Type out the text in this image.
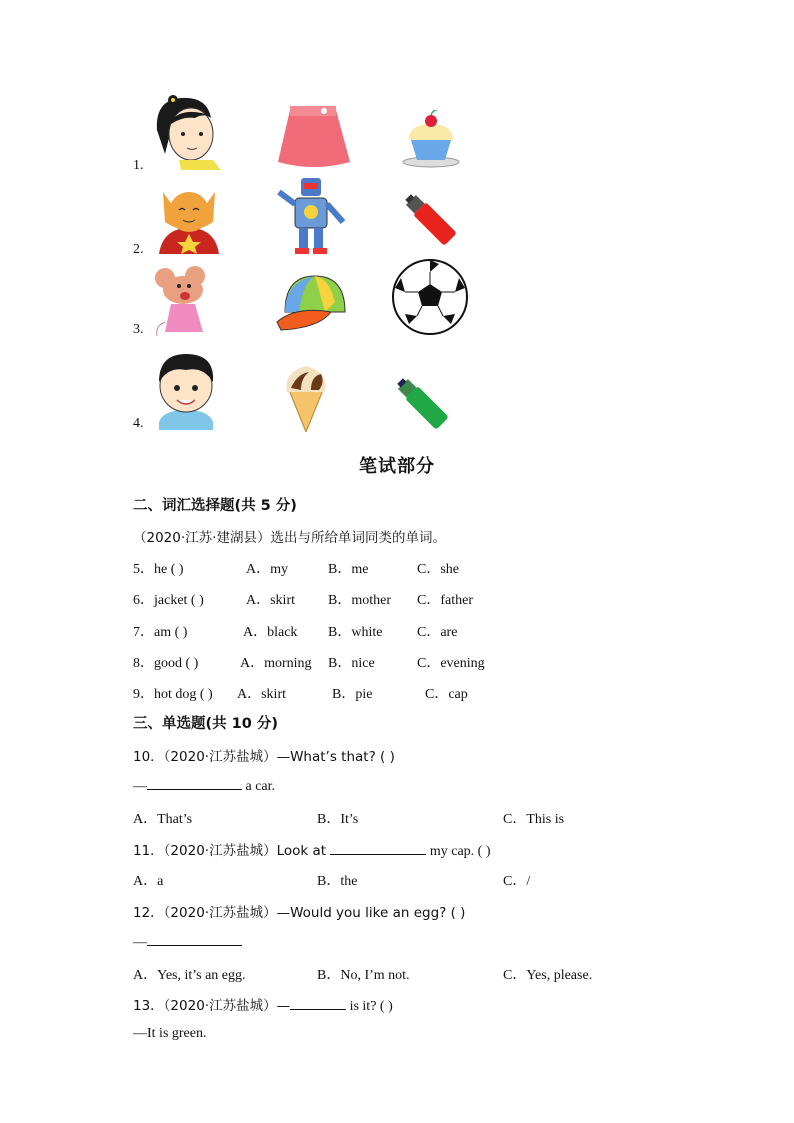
1.
2.
3.
4.
笔试部分
二、词汇选择题(共 5 分)
（2020·江苏·建湖县）选出与所给单词同类的单词。
5．he ( )	A．my	B．me	C．she
6．jacket ( )	A．skirt B．mother C．father
7．am ( )	A．black B．white C．are
8．good ( )	A．morning B．nice	C．evening
9．hot dog ( ) A．skirt	B．pie	C．cap
三、单选题(共 10 分)
10．（2020·江苏盐城）—What’s that? ( )
—	a car.
A．That’s	B．It’s	C．This is
11．（2020·江苏盐城）Look at	my cap. ( )
A．a	B．the	C．/
12．（2020·江苏盐城）—Would you like an egg? ( )
—
A．Yes, it’s an egg.	B．No, I’m not.	C．Yes, please.
13．（2020·江苏盐城）—	is it? ( )
—It is green.
